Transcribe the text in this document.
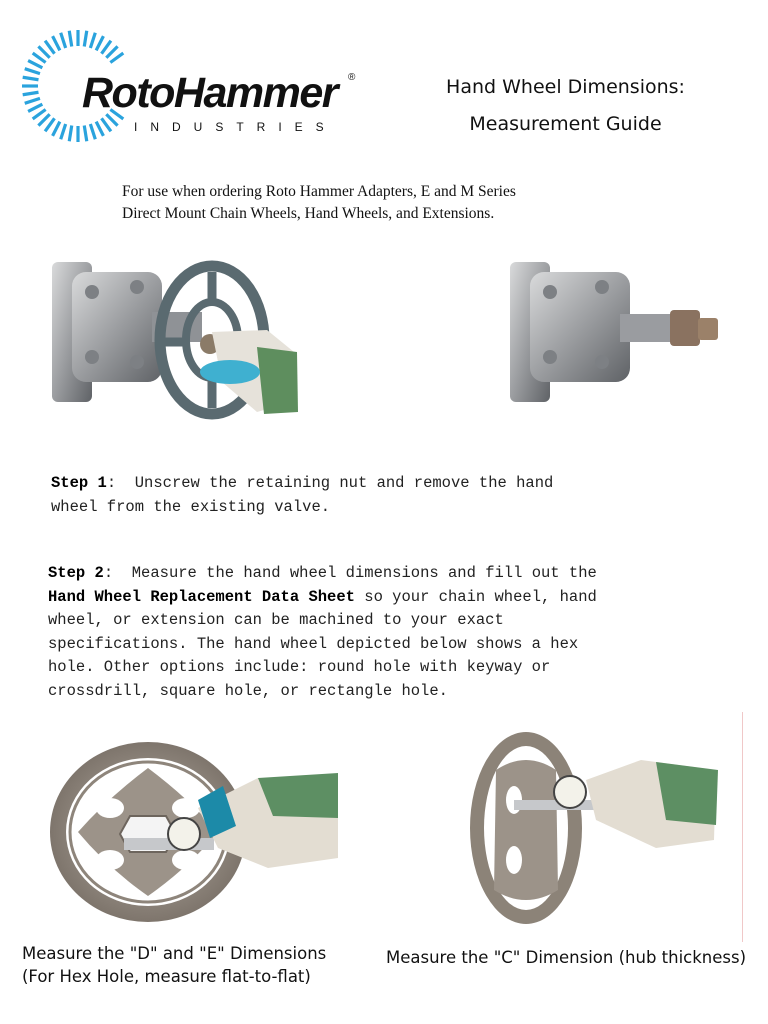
RotoHammer ®
INDUSTRIES
Hand Wheel Dimensions:
Measurement Guide
For use when ordering Roto Hammer Adapters, E and M Series
Direct Mount Chain Wheels, Hand Wheels, and Extensions.
Step 1: Unscrew the retaining nut and remove the hand
wheel from the existing valve.
Step 2: Measure the hand wheel dimensions and fill out the
Hand Wheel Replacement Data Sheet so your chain wheel, hand
wheel, or extension can be machined to your exact
specifications. The hand wheel depicted below shows a hex
hole. Other options include: round hole with keyway or
crossdrill, square hole, or rectangle hole.
Measure the "D" and "E" Dimensions
(For Hex Hole, measure flat-to-flat)
Measure the "C" Dimension (hub thickness)
